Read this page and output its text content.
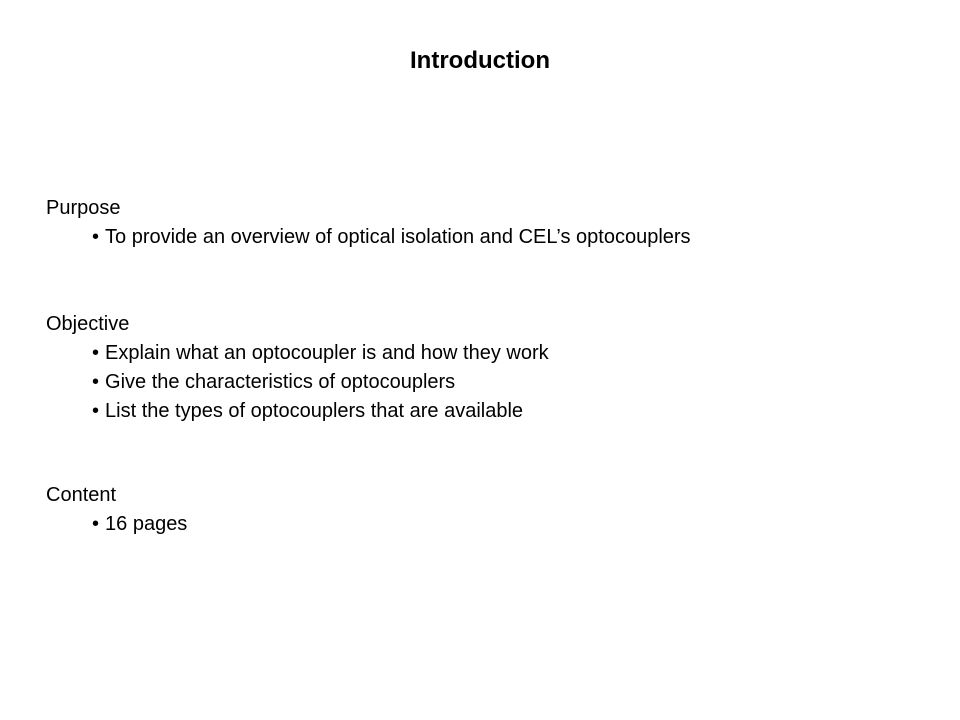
Introduction
Purpose
• To provide an overview of optical isolation and CEL’s optocouplers
Objective
• Explain what an optocoupler is and how they work
• Give the characteristics of optocouplers
• List the types of optocouplers that are available
Content
• 16 pages
